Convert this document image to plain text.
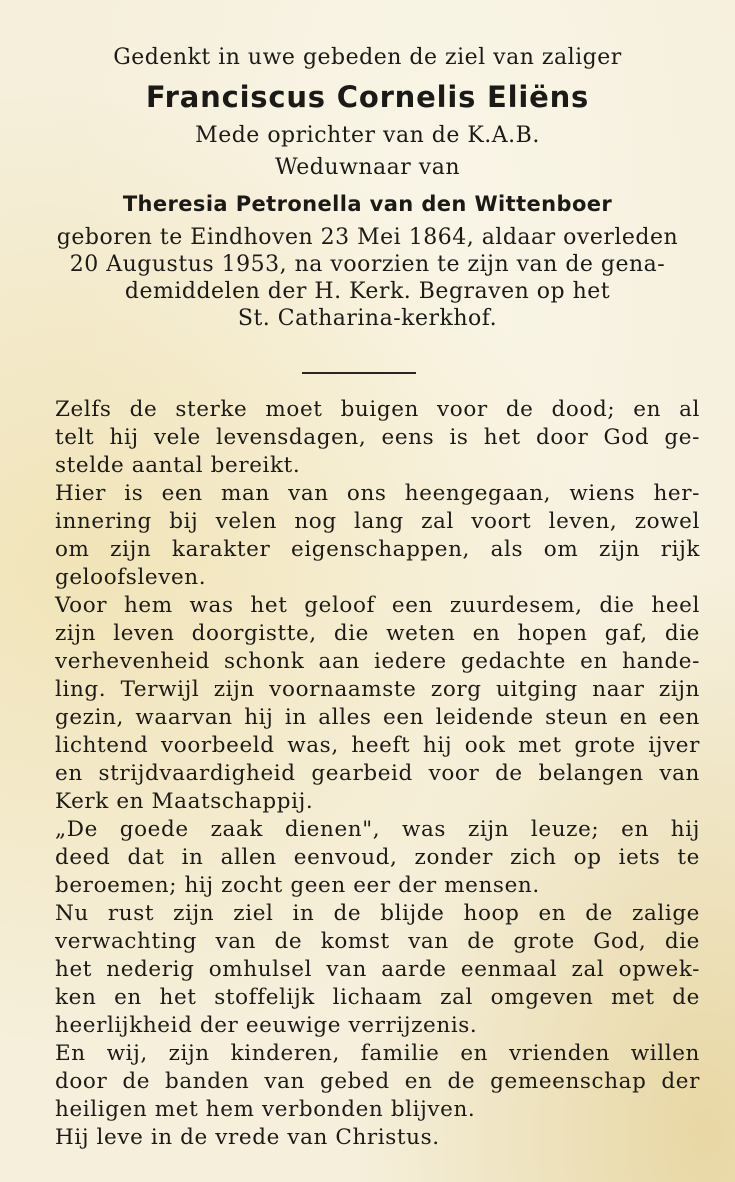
Gedenkt in uwe gebeden de ziel van zaliger
Franciscus Cornelis Eliëns
Mede oprichter van de K.A.B.
Weduwnaar van
Theresia Petronella van den Wittenboer
geboren te Eindhoven 23 Mei 1864, aldaar overleden
20 Augustus 1953, na voorzien te zijn van de gena-
demiddelen der H. Kerk. Begraven op het
St. Catharina-kerkhof.
Zelfs de sterke moet buigen voor de dood; en al
telt hij vele levensdagen, eens is het door God ge-
stelde aantal bereikt.
Hier is een man van ons heengegaan, wiens her-
innering bij velen nog lang zal voort leven, zowel
om zijn karakter eigenschappen, als om zijn rijk
geloofsleven.
Voor hem was het geloof een zuurdesem, die heel
zijn leven doorgistte, die weten en hopen gaf, die
verhevenheid schonk aan iedere gedachte en hande-
ling. Terwijl zijn voornaamste zorg uitging naar zijn
gezin, waarvan hij in alles een leidende steun en een
lichtend voorbeeld was, heeft hij ook met grote ijver
en strijdvaardigheid gearbeid voor de belangen van
Kerk en Maatschappij.
„De goede zaak dienen", was zijn leuze; en hij
deed dat in allen eenvoud, zonder zich op iets te
beroemen; hij zocht geen eer der mensen.
Nu rust zijn ziel in de blijde hoop en de zalige
verwachting van de komst van de grote God, die
het nederig omhulsel van aarde eenmaal zal opwek-
ken en het stoffelijk lichaam zal omgeven met de
heerlijkheid der eeuwige verrijzenis.
En wij, zijn kinderen, familie en vrienden willen
door de banden van gebed en de gemeenschap der
heiligen met hem verbonden blijven.
Hij leve in de vrede van Christus.
